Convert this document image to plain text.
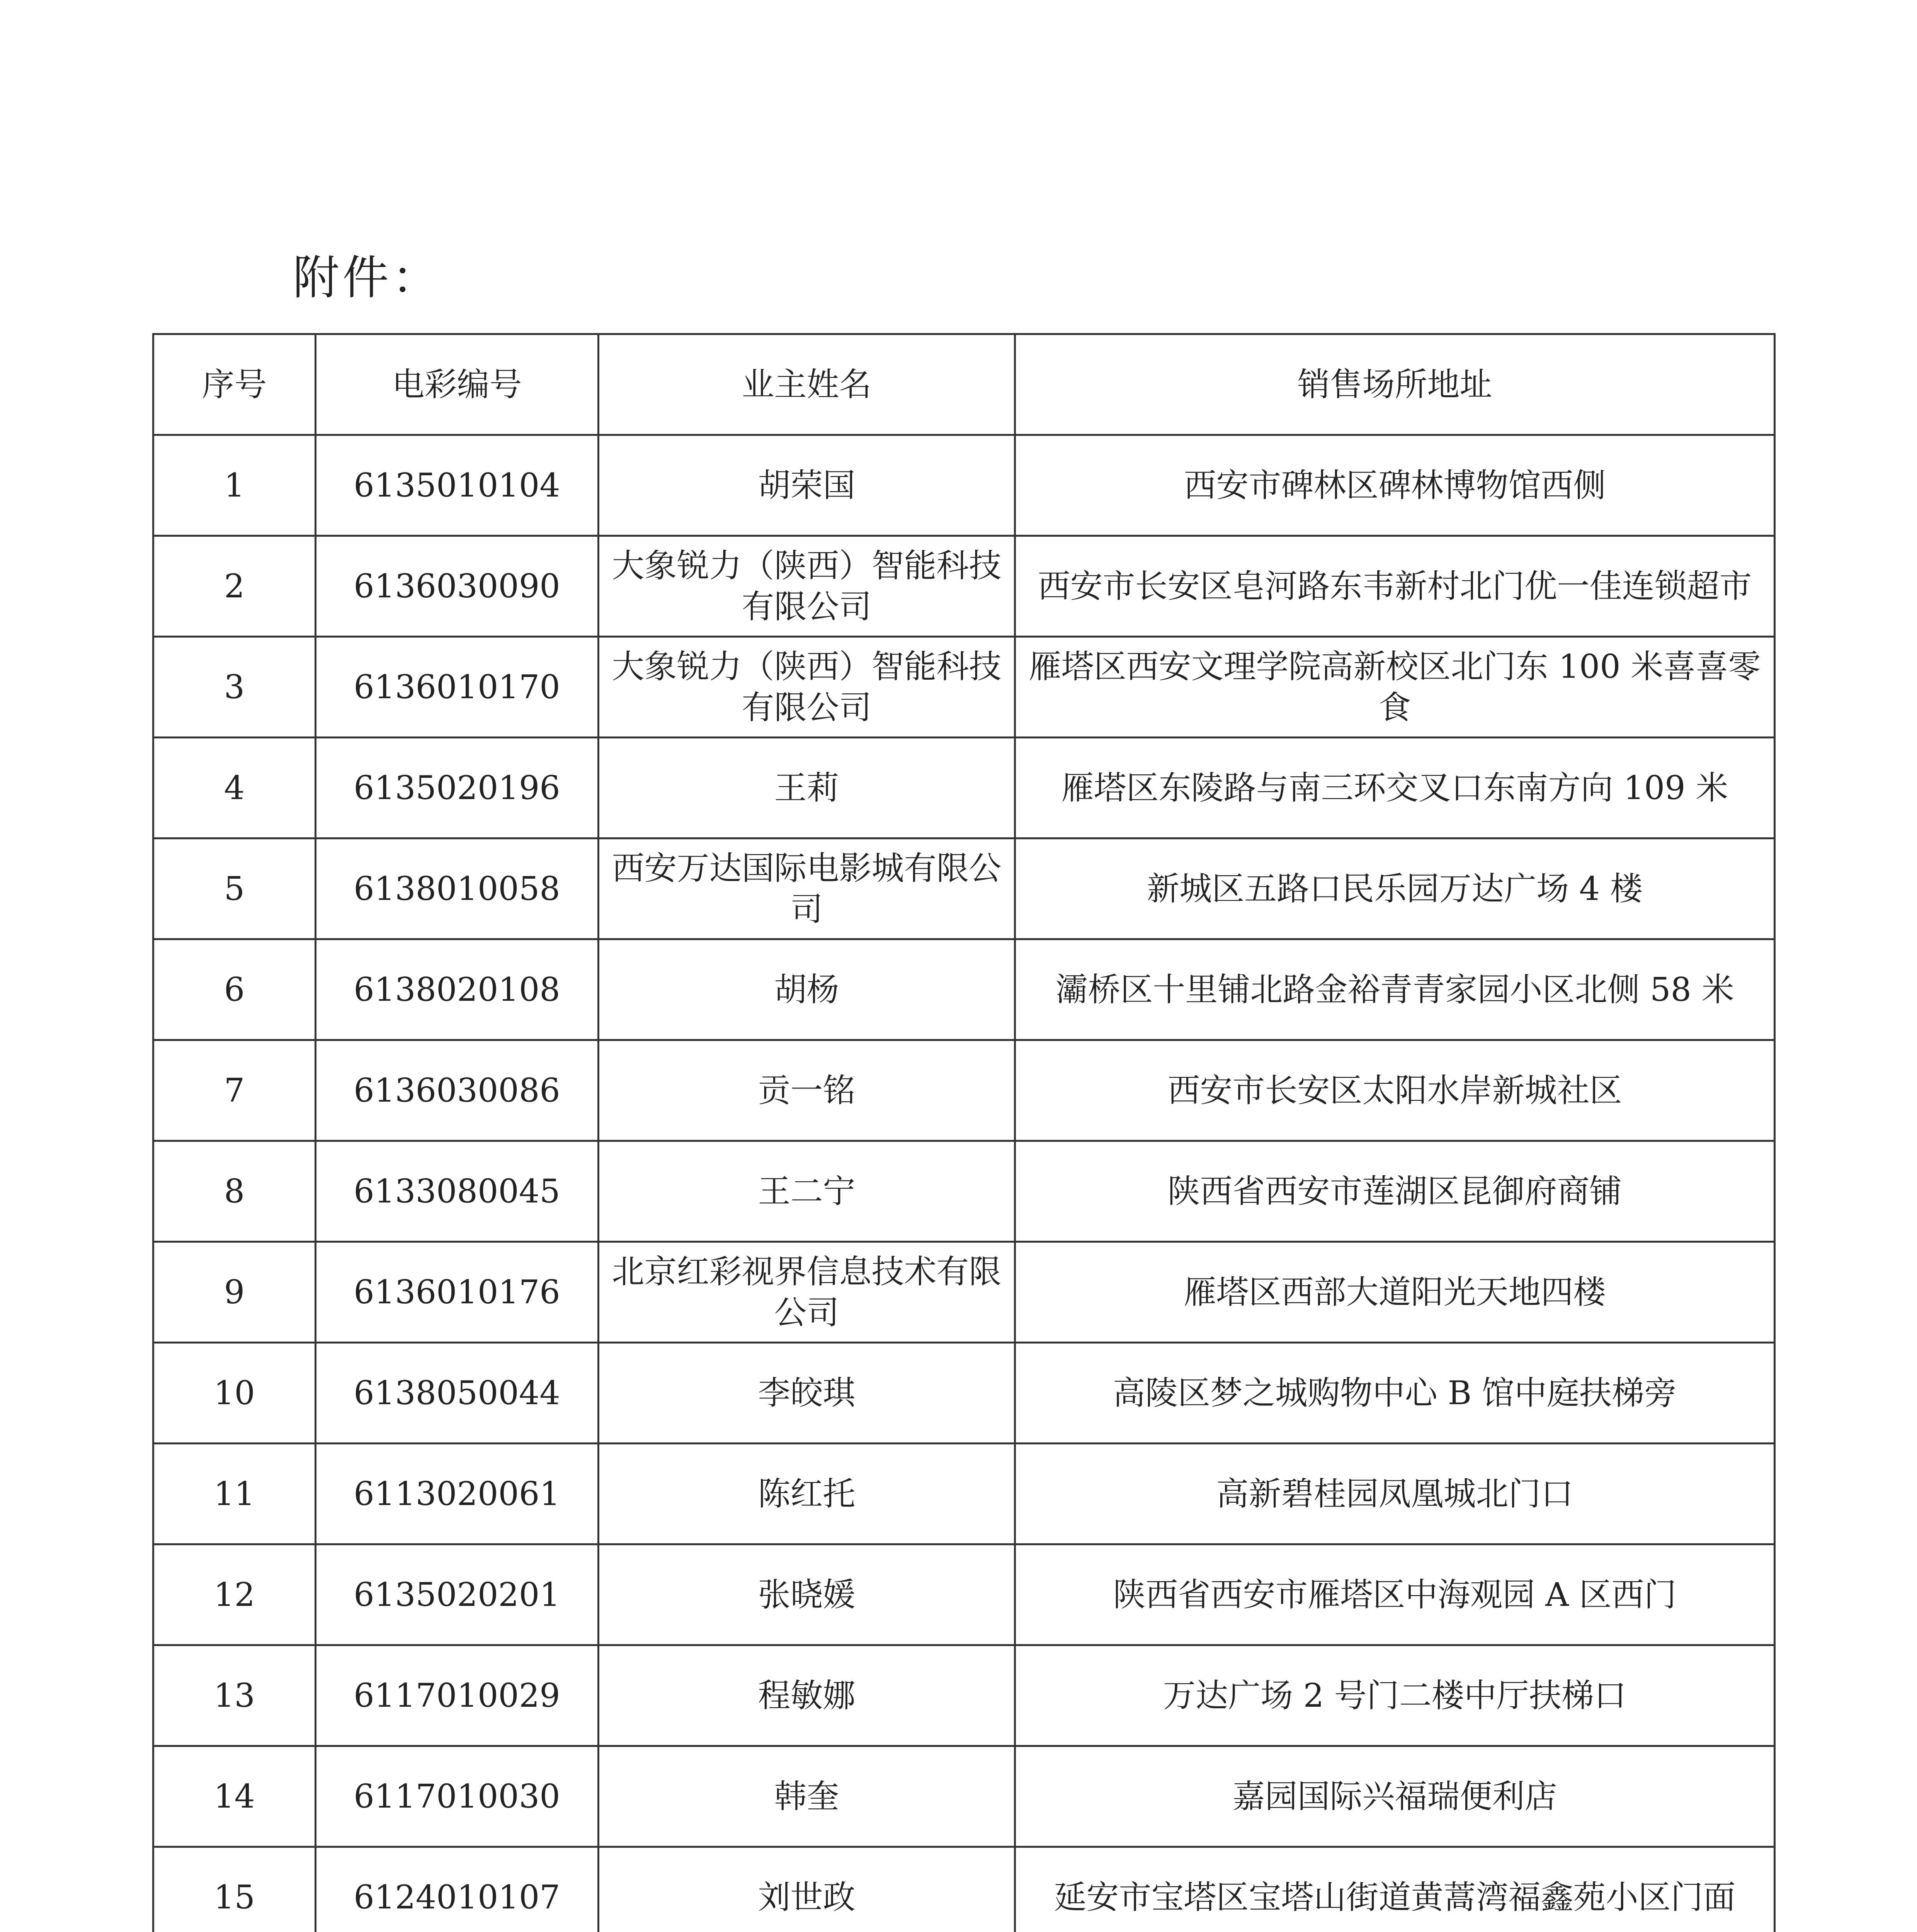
附件：
序号	电彩编号	业主姓名	销售场所地址
1	6135010104	胡荣国	西安市碑林区碑林博物馆西侧
2	6136030090	大象锐力（陕西）智能科技有限公司	西安市长安区皂河路东韦新村北门优一佳连锁超市
3	6136010170	大象锐力（陕西）智能科技有限公司	雁塔区西安文理学院高新校区北门东 100 米喜喜零食
4	6135020196	王莉	雁塔区东陵路与南三环交叉口东南方向 109 米
5	6138010058	西安万达国际电影城有限公司	新城区五路口民乐园万达广场 4 楼
6	6138020108	胡杨	灞桥区十里铺北路金裕青青家园小区北侧 58 米
7	6136030086	贡一铭	西安市长安区太阳水岸新城社区
8	6133080045	王二宁	陕西省西安市莲湖区昆御府商铺
9	6136010176	北京红彩视界信息技术有限公司	雁塔区西部大道阳光天地四楼
10	6138050044	李皎琪	高陵区梦之城购物中心 B 馆中庭扶梯旁
11	6113020061	陈红托	高新碧桂园凤凰城北门口
12	6135020201	张晓媛	陕西省西安市雁塔区中海观园 A 区西门
13	6117010029	程敏娜	万达广场 2 号门二楼中厅扶梯口
14	6117010030	韩奎	嘉园国际兴福瑞便利店
15	6124010107	刘世政	延安市宝塔区宝塔山街道黄蒿湾福鑫苑小区门面
